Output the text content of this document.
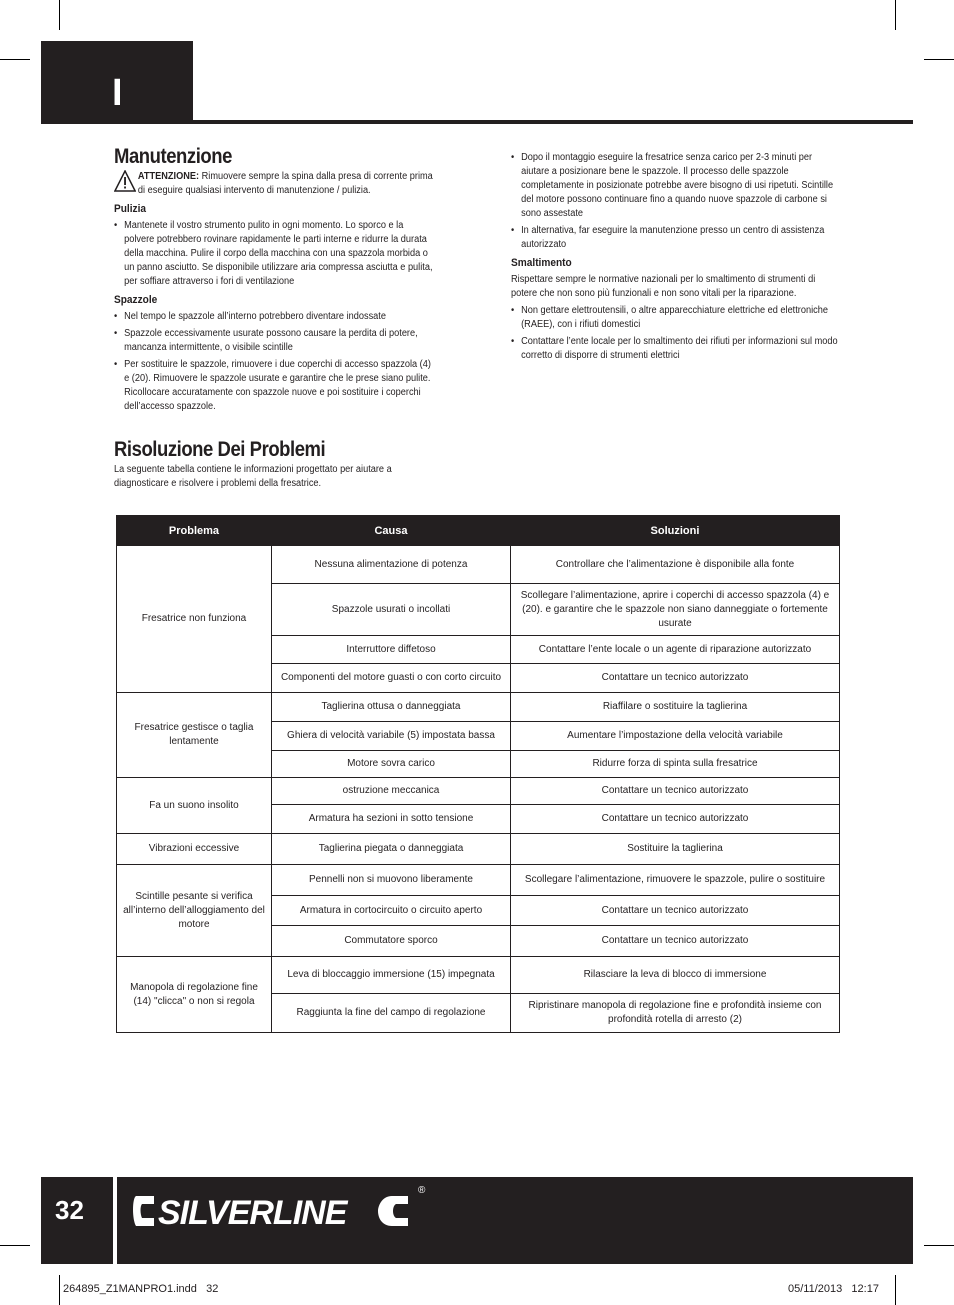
I
Manutenzione

ATTENZIONE: Rimuovere sempre la spina dalla presa di corrente prima di eseguire qualsiasi intervento di manutenzione / pulizia.

Pulizia
• Mantenete il vostro strumento pulito in ogni momento. Lo sporco e la polvere potrebbero rovinare rapidamente le parti interne e ridurre la durata della macchina. Pulire il corpo della macchina con una spazzola morbida o un panno asciutto. Se disponibile utilizzare aria compressa asciutta e pulita, per soffiare attraverso i fori di ventilazione
Spazzole
• Nel tempo le spazzole all’interno potrebbero diventare indossate
• Spazzole eccessivamente usurate possono causare la perdita di potere, mancanza intermittente, o visibile scintille
• Per sostituire le spazzole, rimuovere i due coperchi di accesso spazzola (4) e (20). Rimuovere le spazzole usurate e garantire che le prese siano pulite. Ricollocare accuratamente con spazzole nuove e poi sostituire i coperchi dell’accesso spazzole.
• Dopo il montaggio eseguire la fresatrice senza carico per 2-3 minuti per aiutare a posizionare bene le spazzole. Il processo delle spazzole completamente in posizionate potrebbe avere bisogno di usi ripetuti. Scintille del motore possono continuare fino a quando nuove spazzole di carbone si sono assestate
• In alternativa, far eseguire la manutenzione presso un centro di assistenza autorizzato
Smaltimento

Rispettare sempre le normative nazionali per lo smaltimento di strumenti di potere che non sono più funzionali e non sono vitali per la riparazione.

• Non gettare elettroutensili, o altre apparecchiature elettriche ed elettroniche (RAEE), con i rifiuti domestici
• Contattare l’ente locale per lo smaltimento dei rifiuti per informazioni sul modo corretto di disporre di strumenti elettrici
Risoluzione Dei Problemi

La seguente tabella contiene le informazioni progettato per aiutare a diagnosticare e risolvere i problemi della fresatrice.

Problema	Causa	Soluzioni
Fresatrice non funziona	Nessuna alimentazione di potenza	Controllare che l’alimentazione è disponibile alla fonte
	Spazzole usurati o incollati	Scollegare l’alimentazione, aprire i coperchi di accesso spazzola (4) e (20). e garantire che le spazzole non siano danneggiate o fortemente usurate
	Interruttore diffetoso	Contattare l’ente locale o un agente di riparazione autorizzato
	Componenti del motore guasti o con corto circuito	Contattare un tecnico autorizzato
Fresatrice gestisce o taglia lentamente	Taglierina ottusa o danneggiata	Riaffilare o sostituire la taglierina
	Ghiera di velocità variabile (5) impostata bassa	Aumentare l’impostazione della velocità variabile
	Motore sovra carico	Ridurre forza di spinta sulla fresatrice
Fa un suono insolito	ostruzione meccanica	Contattare un tecnico autorizzato
	Armatura ha sezioni in sotto tensione	Contattare un tecnico autorizzato
Vibrazioni eccessive	Taglierina piegata o danneggiata	Sostituire la taglierina
Scintille pesante si verifica all’interno dell’alloggiamento del motore	Pennelli non si muovono liberamente	Scollegare l’alimentazione, rimuovere le spazzole, pulire o sostituire
	Armatura in cortocircuito o circuito aperto	Contattare un tecnico autorizzato
	Commutatore sporco	Contattare un tecnico autorizzato
Manopola di regolazione fine (14) "clicca" o non si regola	Leva di bloccaggio immersione (15) impegnata	Rilasciare la leva di blocco di immersione
	Raggiunta la fine del campo di regolazione	Ripristinare manopola di regolazione fine e profondità insieme con profondità rotella di arresto (2)
32 SILVERLINE
®
264895_Z1MANPRO1.indd   32	05/11/2013   12:17
